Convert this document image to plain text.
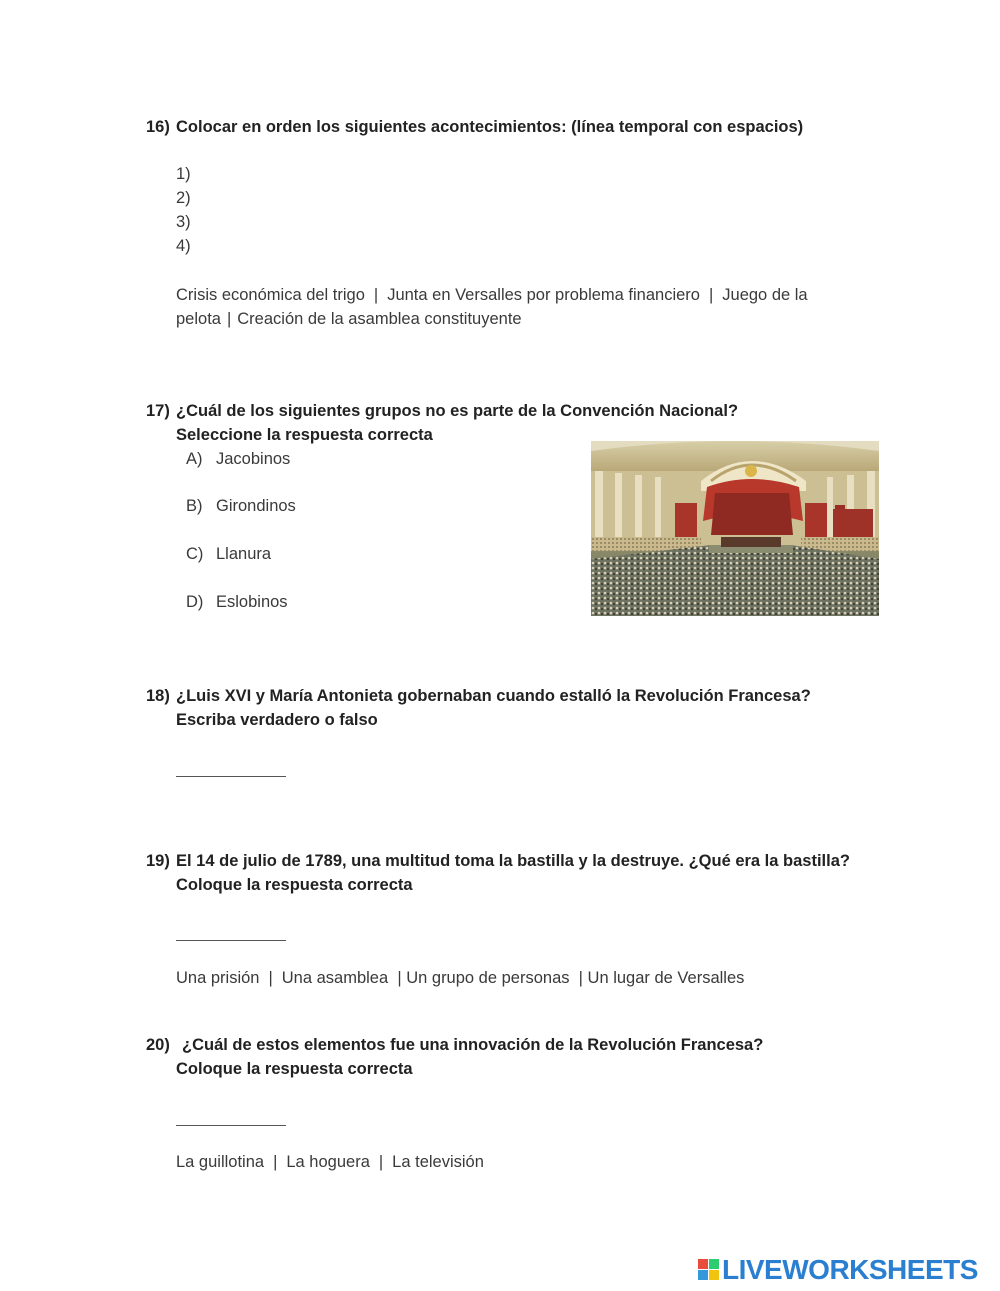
16) Colocar en orden los siguientes acontecimientos: (línea temporal con espacios)
1)
2)
3)
4)
Crisis económica del trigo | Junta en Versalles por problema financiero | Juego de la
pelota | Creación de la asamblea constituyente
17) ¿Cuál de los siguientes grupos no es parte de la Convención Nacional?
Seleccione la respuesta correcta
A) Jacobinos
B) Girondinos
C) Llanura
D) Eslobinos
18) ¿Luis XVI y María Antonieta gobernaban cuando estalló la Revolución Francesa?
Escriba verdadero o falso
19) El 14 de julio de 1789, una multitud toma la bastilla y la destruye. ¿Qué era la bastilla?
Coloque la respuesta correcta
Una prisión | Una asamblea | Un grupo de personas | Un lugar de Versalles
20) ¿Cuál de estos elementos fue una innovación de la Revolución Francesa?
Coloque la respuesta correcta
La guillotina | La hoguera | La televisión
LIVEWORKSHEETS
